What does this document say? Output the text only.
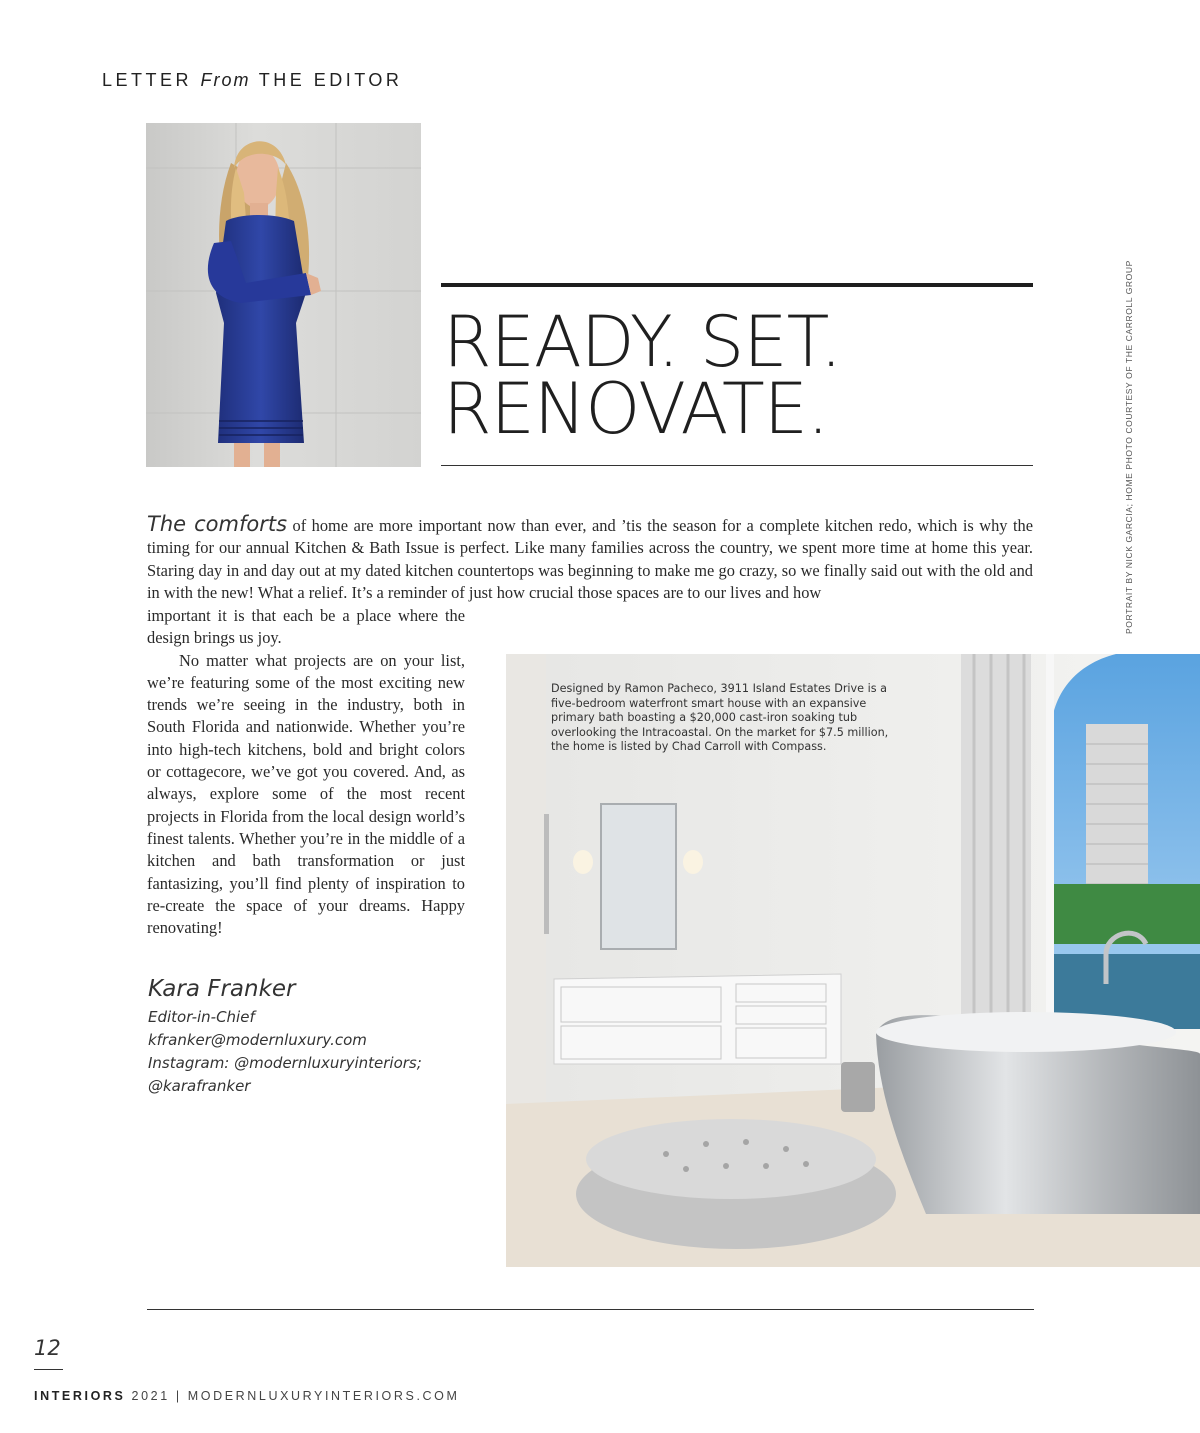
LETTER From THE EDITOR
READY. SET.
RENOVATE.	PORTRAIT BY NICK GARCIA; HOME PHOTO COURTESY OF THE CARROLL GROUP

The comforts of home are more important now than ever, and ’tis the season for a complete kitchen redo, which is why the timing for our annual Kitchen & Bath Issue is perfect. Like many families across the country, we spent more time at home this year. Staring day in and day out at my dated kitchen countertops was beginning to make me go crazy, so we finally said out with the old and in with the new! What a relief. It’s a reminder of just how crucial those spaces are to our lives and how

important it is that each be a place where the design brings us joy.

No matter what projects are on your list, we’re featuring some of the most exciting new trends we’re seeing in the industry, both in South Florida and nationwide. Whether you’re into high-tech kitchens, bold and bright colors or cottagecore, we’ve got you covered. And, as always, explore some of the most recent projects in Florida from the local design world’s finest talents. Whether you’re in the middle of a kitchen and bath transformation or just fantasizing, you’ll find plenty of inspiration to re-create the space of your dreams. Happy renovating!

Kara Franker
Editor-in-Chief
kfranker@modernluxury.com
Instagram: @modernluxuryinteriors;
@karafranker
Designed by Ramon Pacheco, 3911 Island Estates Drive is a five-bedroom waterfront smart house with an expansive primary bath boasting a $20,000 cast-iron soaking tub overlooking the Intracoastal. On the market for $7.5 million, the home is listed by Chad Carroll with Compass.
12
INTERIORS 2021 | MODERNLUXURYINTERIORS.COM
